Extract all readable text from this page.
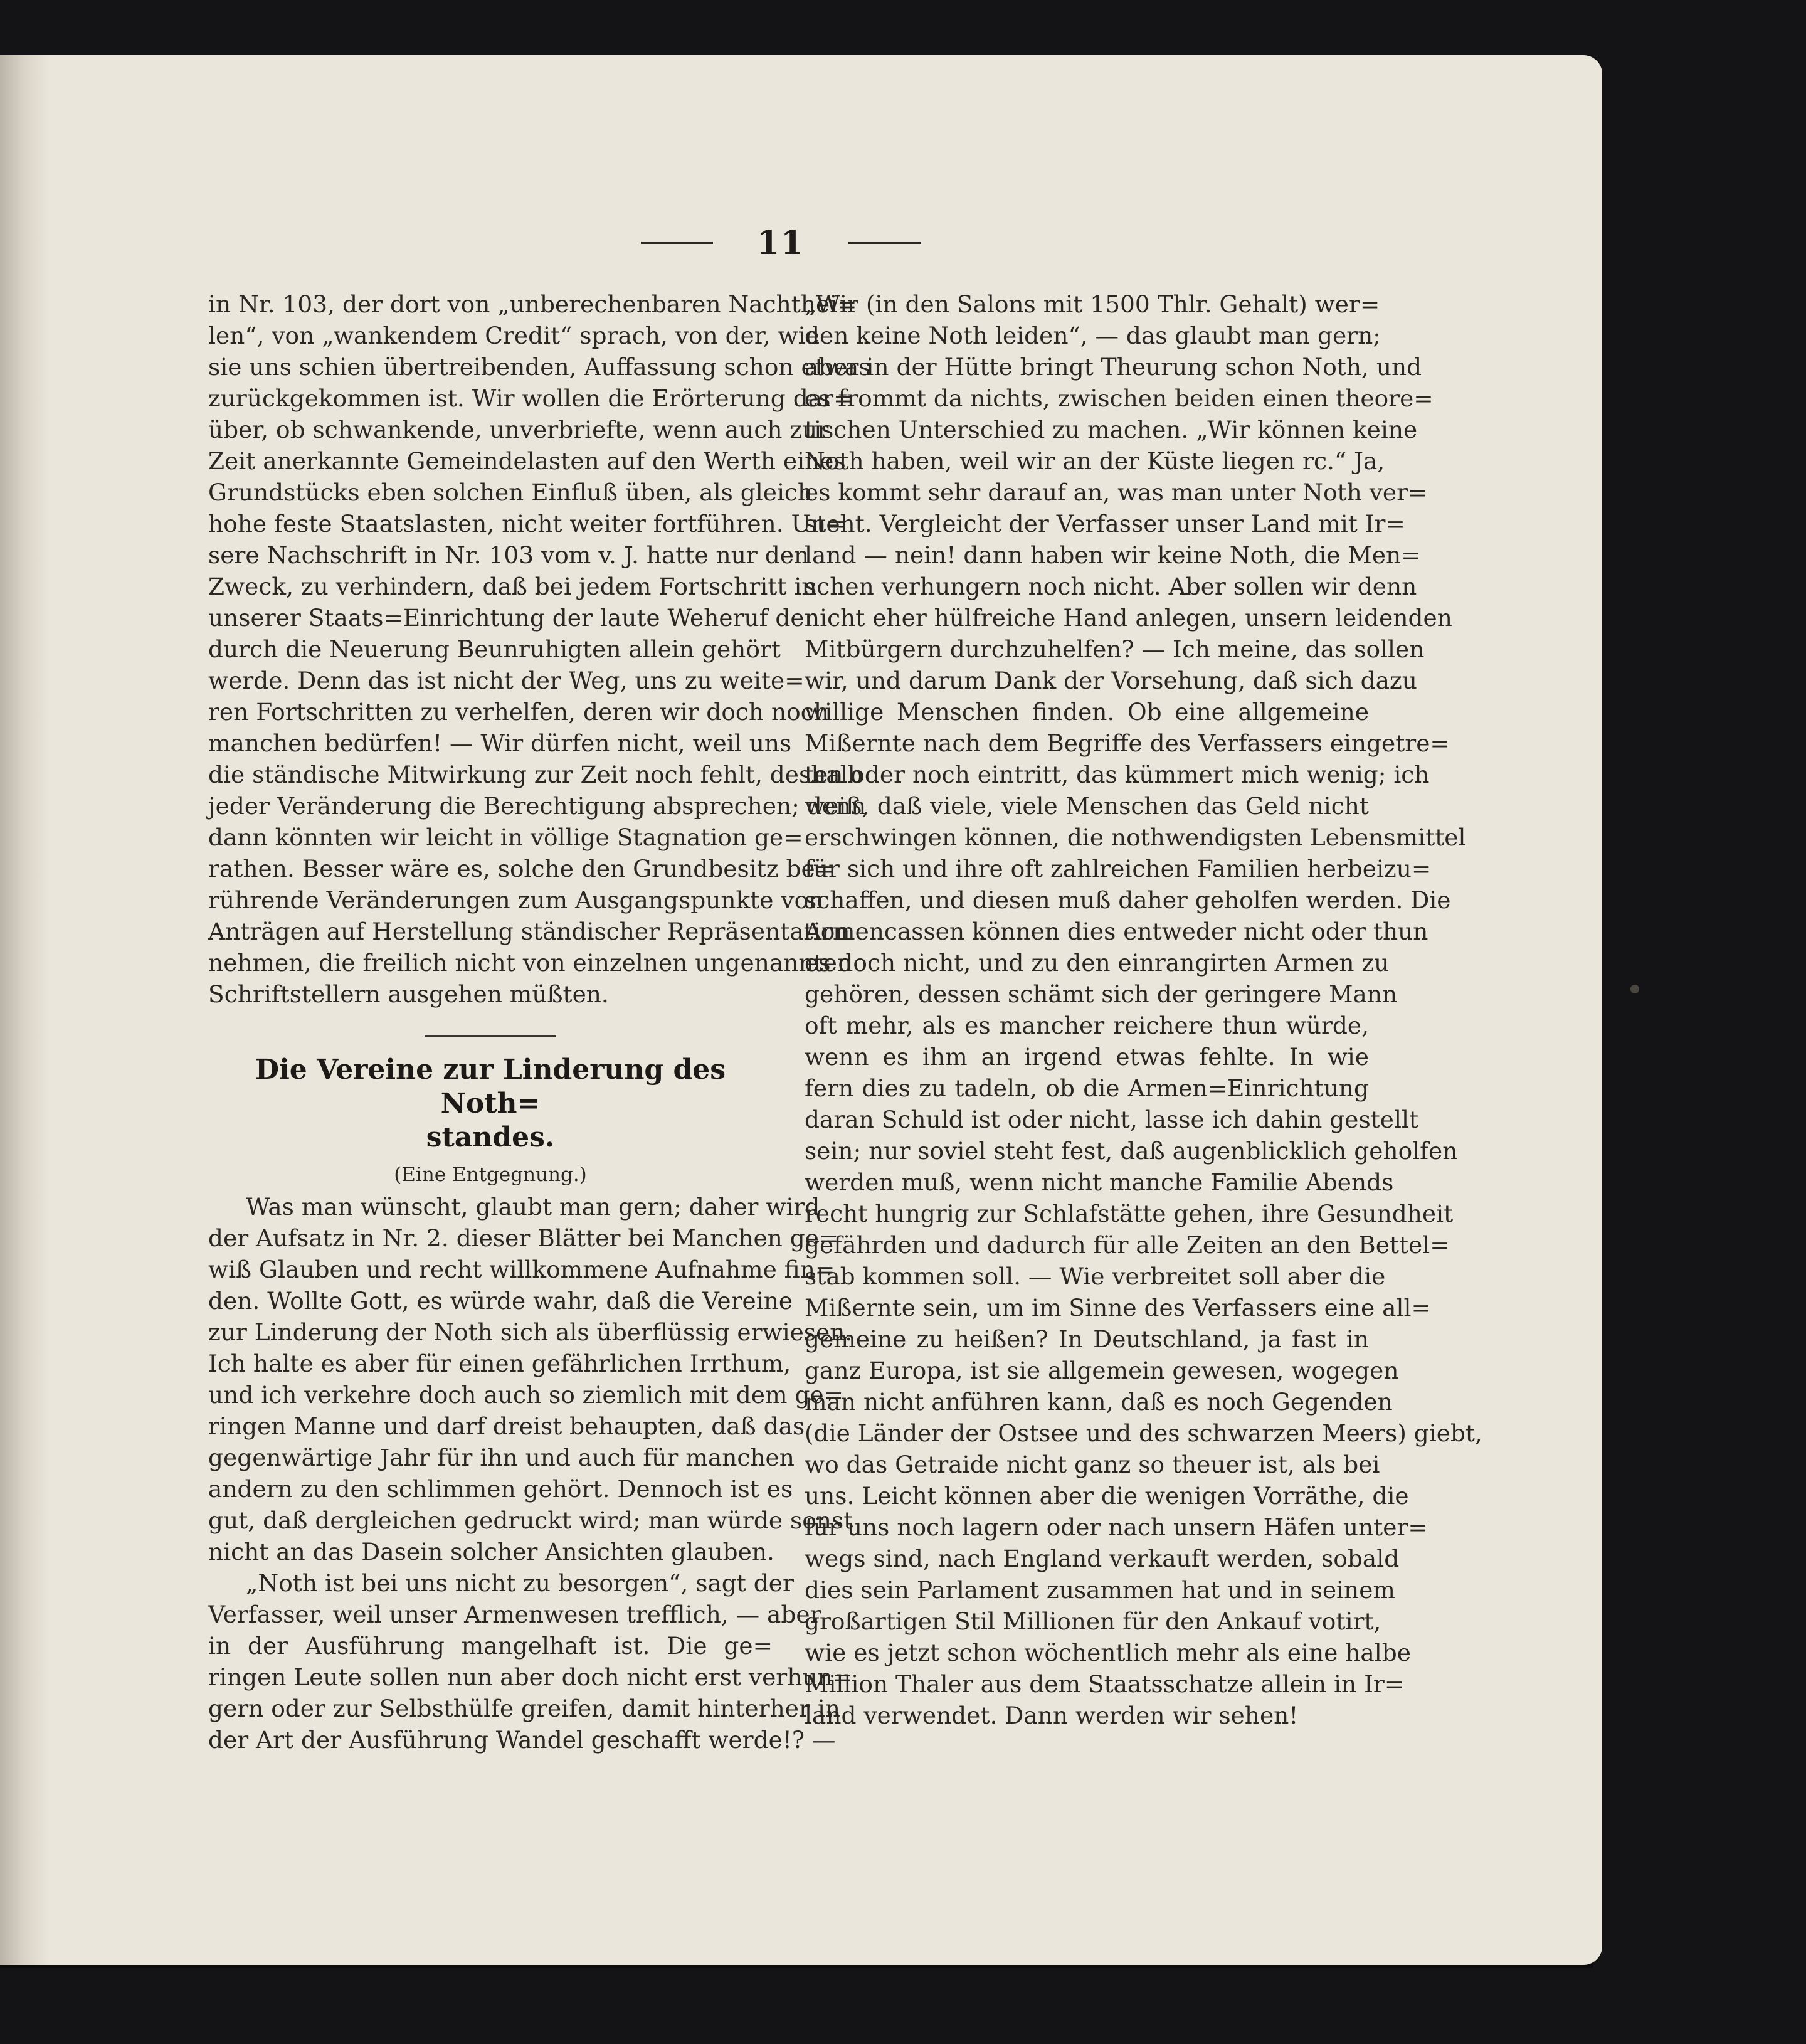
11
in Nr. 103, der dort von „unberechenbaren Nachthei=
len“, von „wankendem Credit“ sprach, von der, wie
sie uns schien übertreibenden, Auffassung schon etwas
zurückgekommen ist. Wir wollen die Erörterung dar=
über, ob schwankende, unverbriefte, wenn auch zur
Zeit anerkannte Gemeindelasten auf den Werth eines
Grundstücks eben solchen Einfluß üben, als gleich
hohe feste Staatslasten, nicht weiter fortführen. Un=
sere Nachschrift in Nr. 103 vom v. J. hatte nur den
Zweck, zu verhindern, daß bei jedem Fortschritt in
unserer Staats=Einrichtung der laute Weheruf der
durch die Neuerung Beunruhigten allein gehört
werde. Denn das ist nicht der Weg, uns zu weite=
ren Fortschritten zu verhelfen, deren wir doch noch
manchen bedürfen! — Wir dürfen nicht, weil uns
die ständische Mitwirkung zur Zeit noch fehlt, deshalb
jeder Veränderung die Berechtigung absprechen; denn
dann könnten wir leicht in völlige Stagnation ge=
rathen. Besser wäre es, solche den Grundbesitz be=
rührende Veränderungen zum Ausgangspunkte von
Anträgen auf Herstellung ständischer Repräsentation
nehmen, die freilich nicht von einzelnen ungenannten
Schriftstellern ausgehen müßten.
Die Vereine zur Linderung des Noth=
standes.
(Eine Entgegnung.)
Was man wünscht, glaubt man gern; daher wird
der Aufsatz in Nr. 2. dieser Blätter bei Manchen ge=
wiß Glauben und recht willkommene Aufnahme fin=
den. Wollte Gott, es würde wahr, daß die Vereine
zur Linderung der Noth sich als überflüssig erwiesen.
Ich halte es aber für einen gefährlichen Irrthum,
und ich verkehre doch auch so ziemlich mit dem ge=
ringen Manne und darf dreist behaupten, daß das
gegenwärtige Jahr für ihn und auch für manchen
andern zu den schlimmen gehört. Dennoch ist es
gut, daß dergleichen gedruckt wird; man würde sonst
nicht an das Dasein solcher Ansichten glauben.
„Noth ist bei uns nicht zu besorgen“, sagt der
Verfasser, weil unser Armenwesen trefflich, — aber
in der Ausführung mangelhaft ist. Die ge=
ringen Leute sollen nun aber doch nicht erst verhun=
gern oder zur Selbsthülfe greifen, damit hinterher in
der Art der Ausführung Wandel geschafft werde!? —
„Wir (in den Salons mit 1500 Thlr. Gehalt) wer=
den keine Noth leiden“, — das glaubt man gern;
aber in der Hütte bringt Theurung schon Noth, und
es frommt da nichts, zwischen beiden einen theore=
tischen Unterschied zu machen. „Wir können keine
Noth haben, weil wir an der Küste liegen rc.“ Ja,
es kommt sehr darauf an, was man unter Noth ver=
steht. Vergleicht der Verfasser unser Land mit Ir=
land — nein! dann haben wir keine Noth, die Men=
schen verhungern noch nicht. Aber sollen wir denn
nicht eher hülfreiche Hand anlegen, unsern leidenden
Mitbürgern durchzuhelfen? — Ich meine, das sollen
wir, und darum Dank der Vorsehung, daß sich dazu
willige Menschen finden. Ob eine allgemeine
Mißernte nach dem Begriffe des Verfassers eingetre=
ten oder noch eintritt, das kümmert mich wenig; ich
weiß, daß viele, viele Menschen das Geld nicht
erschwingen können, die nothwendigsten Lebensmittel
für sich und ihre oft zahlreichen Familien herbeizu=
schaffen, und diesen muß daher geholfen werden. Die
Armencassen können dies entweder nicht oder thun
es doch nicht, und zu den einrangirten Armen zu
gehören, dessen schämt sich der geringere Mann
oft mehr, als es mancher reichere thun würde,
wenn es ihm an irgend etwas fehlte. In wie
fern dies zu tadeln, ob die Armen=Einrichtung
daran Schuld ist oder nicht, lasse ich dahin gestellt
sein; nur soviel steht fest, daß augenblicklich geholfen
werden muß, wenn nicht manche Familie Abends
recht hungrig zur Schlafstätte gehen, ihre Gesundheit
gefährden und dadurch für alle Zeiten an den Bettel=
stab kommen soll. — Wie verbreitet soll aber die
Mißernte sein, um im Sinne des Verfassers eine all=
gemeine zu heißen? In Deutschland, ja fast in
ganz Europa, ist sie allgemein gewesen, wogegen
man nicht anführen kann, daß es noch Gegenden
(die Länder der Ostsee und des schwarzen Meers) giebt,
wo das Getraide nicht ganz so theuer ist, als bei
uns. Leicht können aber die wenigen Vorräthe, die
für uns noch lagern oder nach unsern Häfen unter=
wegs sind, nach England verkauft werden, sobald
dies sein Parlament zusammen hat und in seinem
großartigen Stil Millionen für den Ankauf votirt,
wie es jetzt schon wöchentlich mehr als eine halbe
Million Thaler aus dem Staatsschatze allein in Ir=
land verwendet. Dann werden wir sehen!
